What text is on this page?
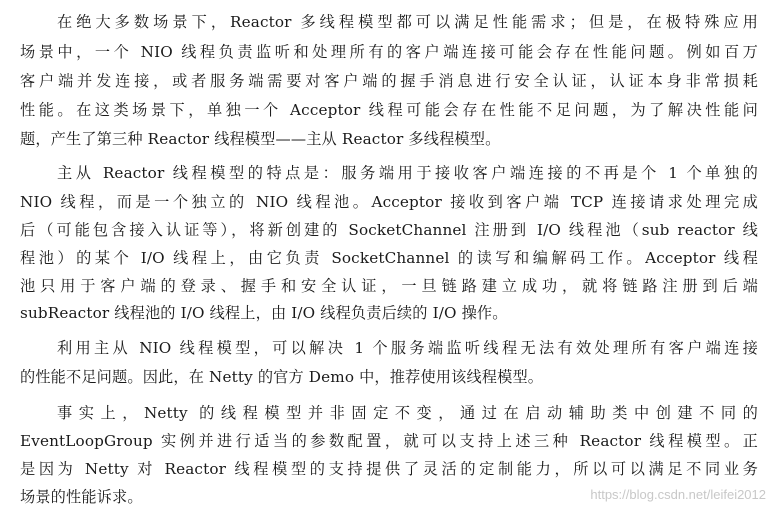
在绝大多数场景下，Reactor 多线程模型都可以满足性能需求；但是，在极特殊应用
场景中，一个 NIO 线程负责监听和处理所有的客户端连接可能会存在性能问题。例如百万
客户端并发连接，或者服务端需要对客户端的握手消息进行安全认证，认证本身非常损耗
性能。在这类场景下，单独一个 Acceptor 线程可能会存在性能不足问题，为了解决性能问
题，产生了第三种 Reactor 线程模型——主从 Reactor 多线程模型。
主从 Reactor 线程模型的特点是：服务端用于接收客户端连接的不再是个 1 个单独的
NIO 线程，而是一个独立的 NIO 线程池。Acceptor 接收到客户端 TCP 连接请求处理完成
后（可能包含接入认证等），将新创建的 SocketChannel 注册到 I/O 线程池（sub reactor 线
程池）的某个 I/O 线程上，由它负责 SocketChannel 的读写和编解码工作。Acceptor 线程
池只用于客户端的登录、握手和安全认证，一旦链路建立成功，就将链路注册到后端
subReactor 线程池的 I/O 线程上，由 I/O 线程负责后续的 I/O 操作。
利用主从 NIO 线程模型，可以解决 1 个服务端监听线程无法有效处理所有客户端连接
的性能不足问题。因此，在 Netty 的官方 Demo 中，推荐使用该线程模型。
事实上，Netty 的线程模型并非固定不变，通过在启动辅助类中创建不同的
EventLoopGroup 实例并进行适当的参数配置，就可以支持上述三种 Reactor 线程模型。正
是因为 Netty 对 Reactor 线程模型的支持提供了灵活的定制能力，所以可以满足不同业务
场景的性能诉求。	https://blog.csdn.net/leifei2012
